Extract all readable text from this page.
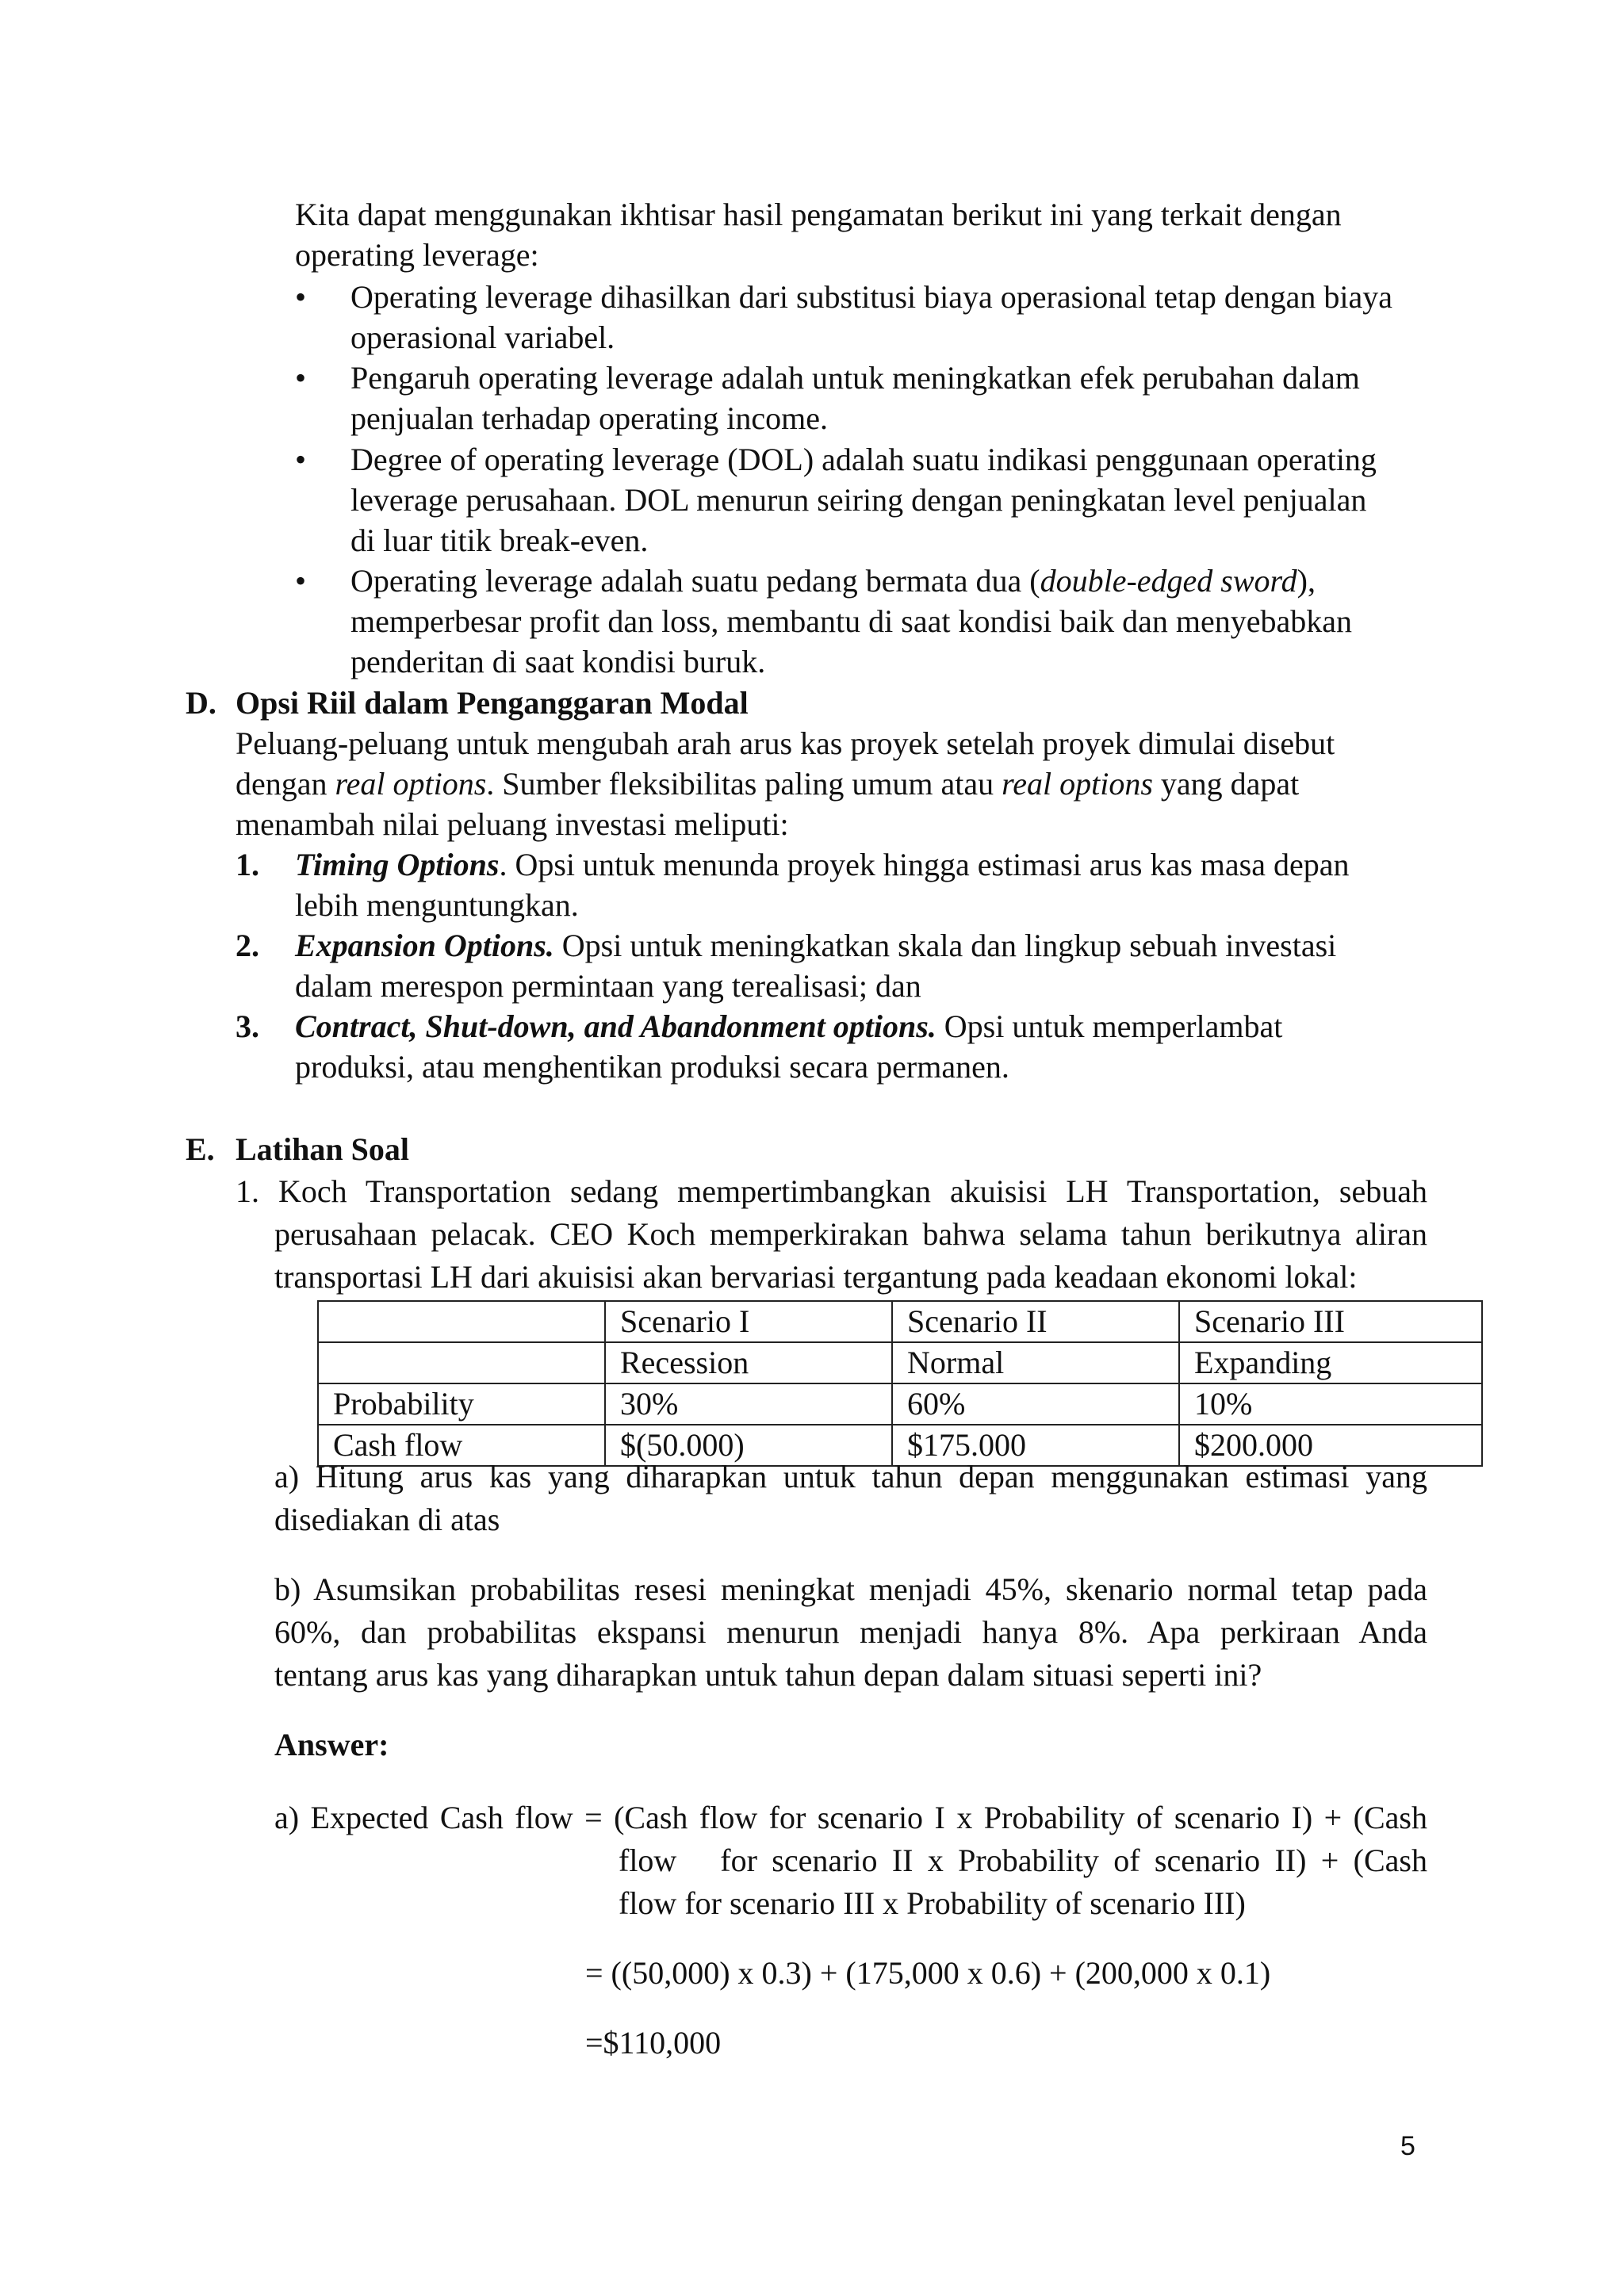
Kita dapat menggunakan ikhtisar hasil pengamatan berikut ini yang terkait dengan
operating leverage:
• Operating leverage dihasilkan dari substitusi biaya operasional tetap dengan biaya
operasional variabel.
• Pengaruh operating leverage adalah untuk meningkatkan efek perubahan dalam
penjualan terhadap operating income.
• Degree of operating leverage (DOL) adalah suatu indikasi penggunaan operating
leverage perusahaan. DOL menurun seiring dengan peningkatan level penjualan
di luar titik break-even.
• Operating leverage adalah suatu pedang bermata dua (double-edged sword),
memperbesar profit dan loss, membantu di saat kondisi baik dan menyebabkan
penderitan di saat kondisi buruk.
D. Opsi Riil dalam Penganggaran Modal
Peluang-peluang untuk mengubah arah arus kas proyek setelah proyek dimulai disebut
dengan real options. Sumber fleksibilitas paling umum atau real options yang dapat
menambah nilai peluang investasi meliputi:
1. Timing Options. Opsi untuk menunda proyek hingga estimasi arus kas masa depan
lebih menguntungkan.
2. Expansion Options. Opsi untuk meningkatkan skala dan lingkup sebuah investasi
dalam merespon permintaan yang terealisasi; dan
3. Contract, Shut-down, and Abandonment options. Opsi untuk memperlambat
produksi, atau menghentikan produksi secara permanen.
E. Latihan Soal
1. Koch Transportation sedang mempertimbangkan akuisisi LH Transportation, sebuah
perusahaan pelacak. CEO Koch memperkirakan bahwa selama tahun berikutnya aliran
transportasi LH dari akuisisi akan bervariasi tergantung pada keadaan ekonomi lokal:
	Scenario I	Scenario II	Scenario III
	Recession	Normal	Expanding
Probability	30%	60%	10%
Cash flow	$(50.000)	$175.000	$200.000
a) Hitung arus kas yang diharapkan untuk tahun depan menggunakan estimasi yang
disediakan di atas
b) Asumsikan probabilitas resesi meningkat menjadi 45%, skenario normal tetap pada
60%, dan probabilitas ekspansi menurun menjadi hanya 8%. Apa perkiraan Anda
tentang arus kas yang diharapkan untuk tahun depan dalam situasi seperti ini?
Answer:
a) Expected Cash flow = (Cash flow for scenario I x Probability of scenario I) + (Cash
flow   for scenario II x Probability of scenario II) + (Cash
flow for scenario III x Probability of scenario III)
= ((50,000) x 0.3) + (175,000 x 0.6) + (200,000 x 0.1)
=$110,000
5
